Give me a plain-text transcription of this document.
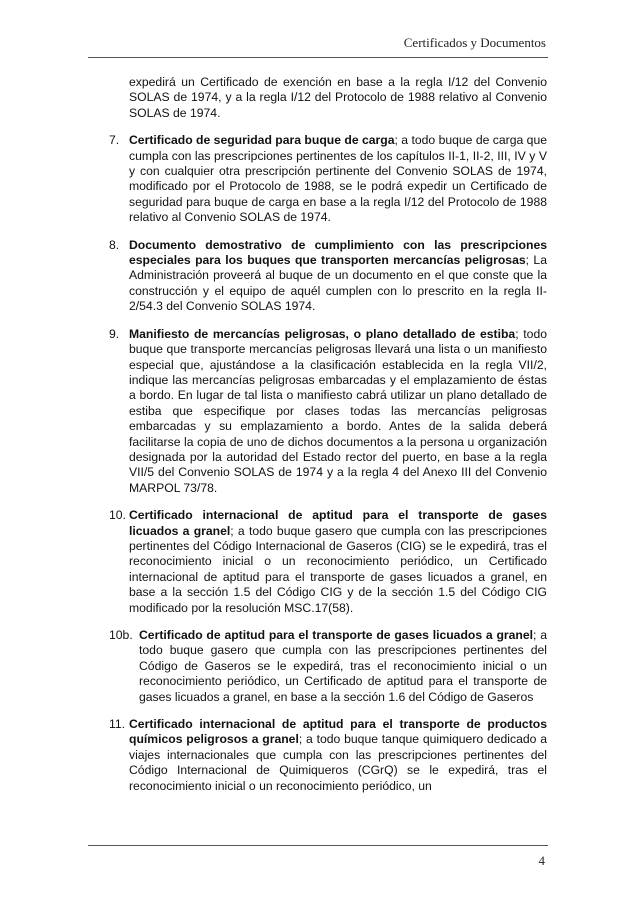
Certificados y Documentos

expedirá un Certificado de exención en base a la regla I/12 del Convenio SOLAS de 1974, y a la regla I/12 del Protocolo de 1988 relativo al Convenio SOLAS de 1974.

7. Certificado de seguridad para buque de carga; a todo buque de carga que cumpla con las prescripciones pertinentes de los capítulos II-1, II-2, III, IV y V y con cualquier otra prescripción pertinente del Convenio SOLAS de 1974, modificado por el Protocolo de 1988, se le podrá expedir un Certificado de seguridad para buque de carga en base a la regla I/12 del Protocolo de 1988 relativo al Convenio SOLAS de 1974.
8. Documento demostrativo de cumplimiento con las prescripciones especiales para los buques que transporten mercancías peligrosas; La Administración proveerá al buque de un documento en el que conste que la construcción y el equipo de aquél cumplen con lo prescrito en la regla II-2/54.3 del Convenio SOLAS 1974.
9. Manifiesto de mercancías peligrosas, o plano detallado de estiba; todo buque que transporte mercancías peligrosas llevará una lista o un manifiesto especial que, ajustándose a la clasificación establecida en la regla VII/2, indique las mercancías peligrosas embarcadas y el emplazamiento de éstas a bordo. En lugar de tal lista o manifiesto cabrá utilizar un plano detallado de estiba que especifique por clases todas las mercancías peligrosas embarcadas y su emplazamiento a bordo. Antes de la salida deberá facilitarse la copia de uno de dichos documentos a la persona u organización designada por la autoridad del Estado rector del puerto, en base a la regla VII/5 del Convenio SOLAS de 1974 y a la regla 4 del Anexo III del Convenio MARPOL 73/78.
10. Certificado internacional de aptitud para el transporte de gases licuados a granel; a todo buque gasero que cumpla con las prescripciones pertinentes del Código Internacional de Gaseros (CIG) se le expedirá, tras el reconocimiento inicial o un reconocimiento periódico, un Certificado internacional de aptitud para el transporte de gases licuados a granel, en base a la sección 1.5 del Código CIG y de la sección 1.5 del Código CIG modificado por la resolución MSC.17(58).
10b. Certificado de aptitud para el transporte de gases licuados a granel; a todo buque gasero que cumpla con las prescripciones pertinentes del Código de Gaseros se le expedirá, tras el reconocimiento inicial o un reconocimiento periódico, un Certificado de aptitud para el transporte de gases licuados a granel, en base a la sección 1.6 del Código de Gaseros
11. Certificado internacional de aptitud para el transporte de productos químicos peligrosos a granel; a todo buque tanque quimiquero dedicado a viajes internacionales que cumpla con las prescripciones pertinentes del Código Internacional de Quimiqueros (CGrQ) se le expedirá, tras el reconocimiento inicial o un reconocimiento periódico, un
4
